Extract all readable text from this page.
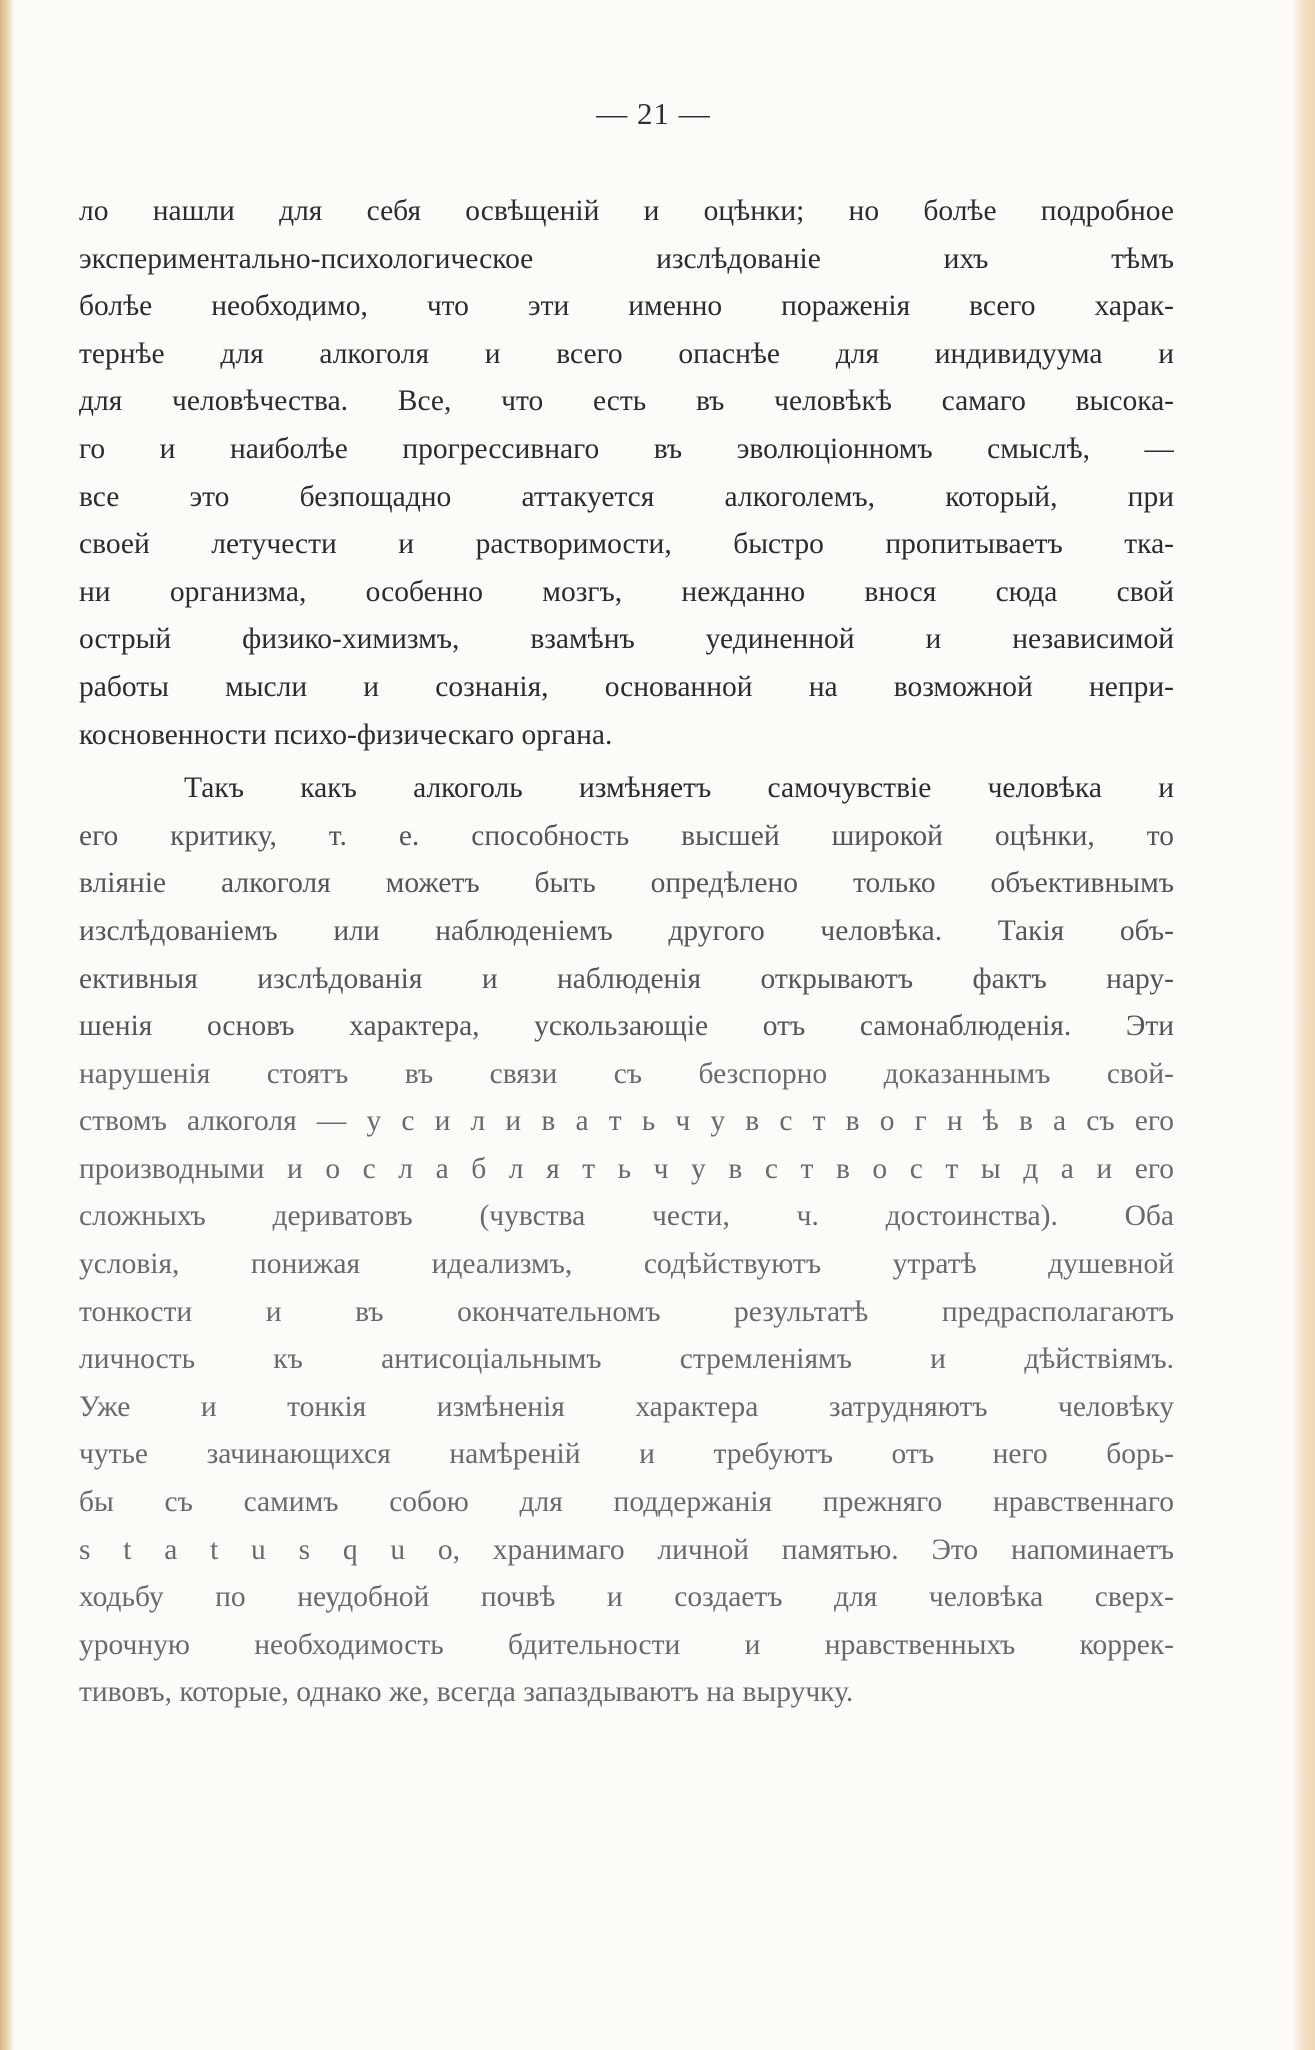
— 21 —
ло нашли для себя освѣщеній и оцѣнки; но болѣе подробное
экспериментально-психологическое изслѣдованіе ихъ тѣмъ
болѣе необходимо, что эти именно пораженія всего харак-
тернѣе для алкоголя и всего опаснѣе для индивидуума и
для человѣчества. Все, что есть въ человѣкѣ самаго высока-
го и наиболѣе прогрессивнаго въ эволюціонномъ смыслѣ, —
все это безпощадно аттакуется алкоголемъ, который, при
своей летучести и растворимости, быстро пропитываетъ тка-
ни организма, особенно мозгъ, нежданно внося сюда свой
острый физико-химизмъ, взамѣнъ уединенной и независимой
работы мысли и сознанія, основанной на возможной непри-
косновенности психо-физическаго органа.
Такъ какъ алкоголь измѣняетъ самочувствіе человѣка и
его критику, т. е. способность высшей широкой оцѣнки, то
вліяніе алкоголя можетъ быть опредѣлено только объективнымъ
изслѣдованіемъ или наблюденіемъ другого человѣка. Такія объ-
ективныя изслѣдованія и наблюденія открываютъ фактъ нару-
шенія основъ характера, ускользающіе отъ самонаблюденія. Эти
нарушенія стоятъ въ связи съ безспорно доказаннымъ свой-
ствомъ алкоголя — у с и л и в а т ь ч у в с т в о г н ѣ в а съ его
производными и о с л а б л я т ь ч у в с т в о с т ы д а и его
сложныхъ дериватовъ (чувства чести, ч. достоинства). Оба
условія, понижая идеализмъ, содѣйствуютъ утратѣ душевной
тонкости и въ окончательномъ результатѣ предрасполагаютъ
личность къ антисоціальнымъ стремленіямъ и дѣйствіямъ.
Уже и тонкія измѣненія характера затрудняютъ человѣку
чутье зачинающихся намѣреній и требуютъ отъ него борь-
бы съ самимъ собою для поддержанія прежняго нравственнаго
s t a t u s q u o, хранимаго личной памятью. Это напоминаетъ
ходьбу по неудобной почвѣ и создаетъ для человѣка сверх-
урочную необходимость бдительности и нравственныхъ коррек-
тивовъ, которые, однако же, всегда запаздываютъ на выручку.
